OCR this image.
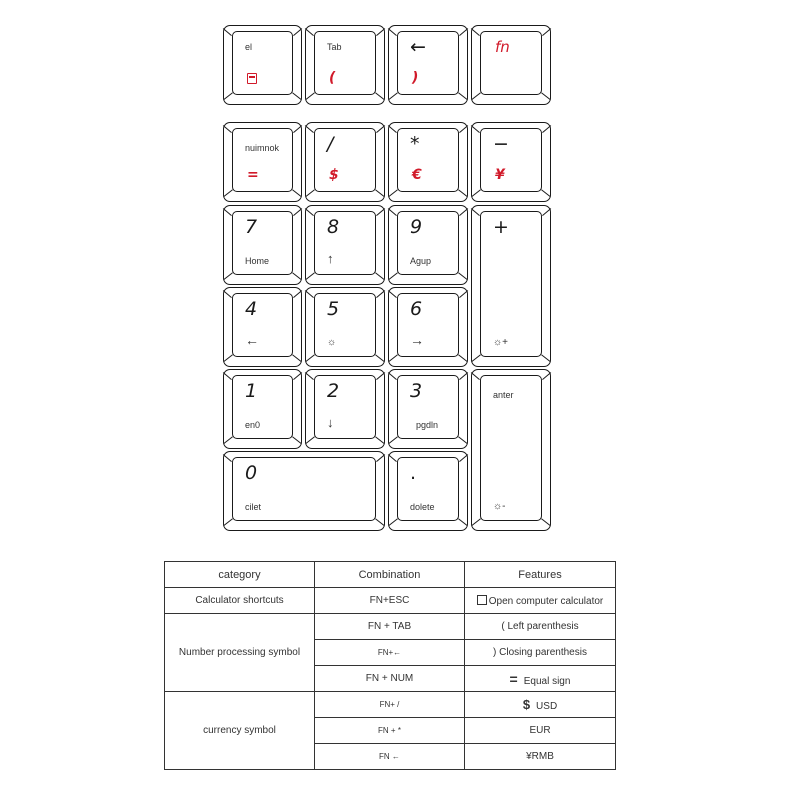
el	Tab
(
←
)
fn
nuimnok
=
/
$
*
€
−
¥
7
Home
8
↑
9
Agup
+
☼+
4
←
5
☼
6
→
1
en0
2
↓
3
pgdln
anter
☼-
0
cilet
.
dolete
category	Combination	Features
Calculator shortcuts	FN+ESC	Open computer calculator
Number processing symbol	FN + TAB	( Left parenthesis
	FN+←	) Closing parenthesis
	FN + NUM	= Equal sign
currency symbol	FN+ /	$ USD
	FN + *	EUR
	FN ←	¥RMB
